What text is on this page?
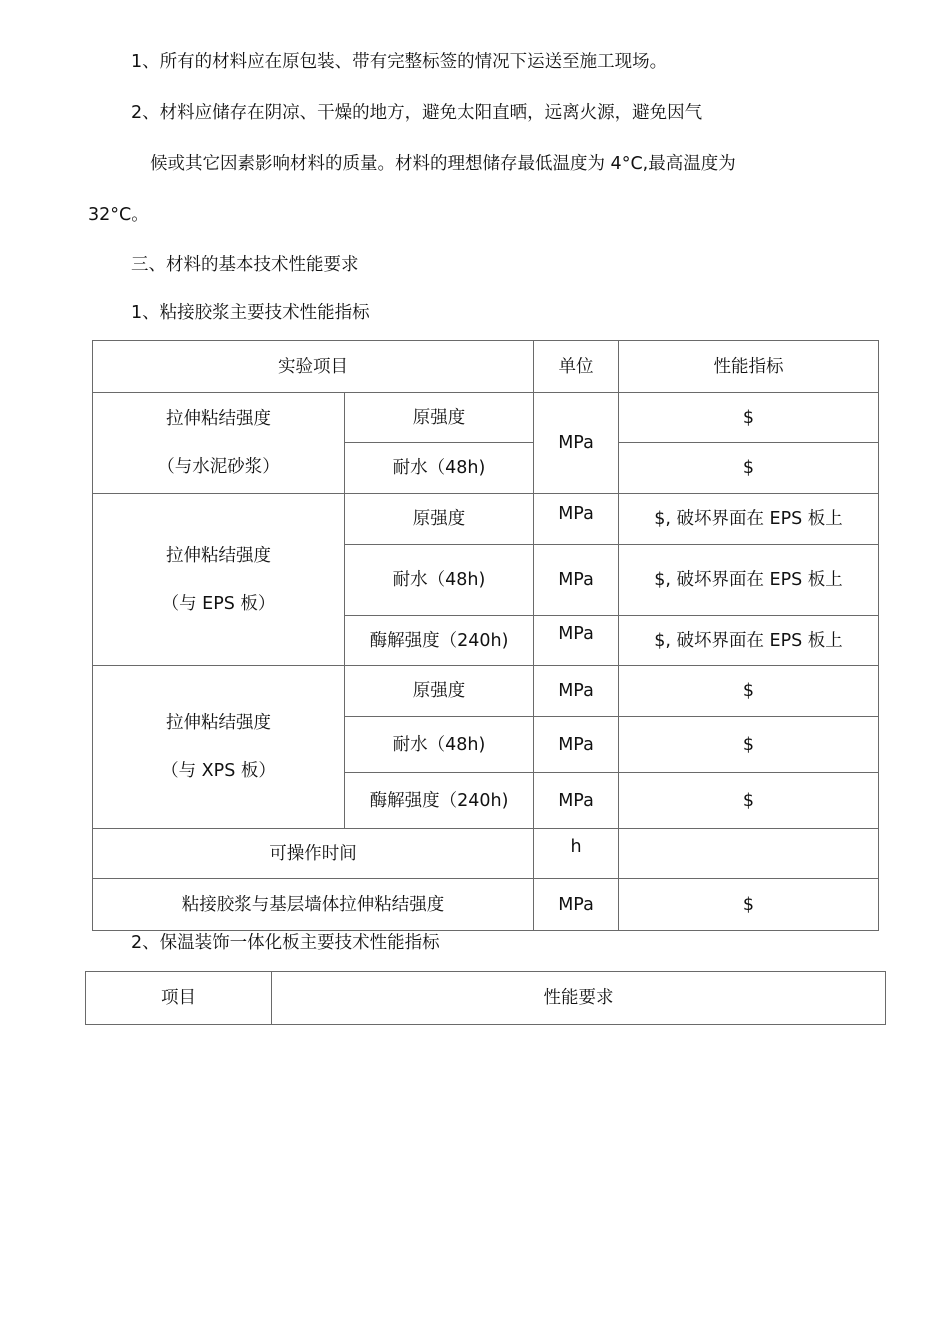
1、所有的材料应在原包装、带有完整标签的情况下运送至施工现场。
2、材料应储存在阴凉、干燥的地方，避免太阳直晒，远离火源，避免因气
候或其它因素影响材料的质量。材料的理想储存最低温度为 4°C,最高温度为
32°C。
三、材料的基本技术性能要求
1、粘接胶浆主要技术性能指标
实验项目		单位	性能指标

拉伸粘结强度
（与水泥砂浆）	原强度	MPa	$
	耐水（48h)		$

拉伸粘结强度
（与 EPS 板）	原强度	MPa	$, 破坏界面在 EPS 板上
	耐水（48h)	MPa	$, 破坏界面在 EPS 板上
	酶解强度（240h)	MPa	$, 破坏界面在 EPS 板上

拉伸粘结强度
（与 XPS 板）	原强度	MPa	$
	耐水（48h)	MPa	$
	酶解强度（240h)	MPa	$
可操作时间		h	
粘接胶浆与基层墙体拉伸粘结强度		MPa	$
2、保温装饰一体化板主要技术性能指标
项目	性能要求
